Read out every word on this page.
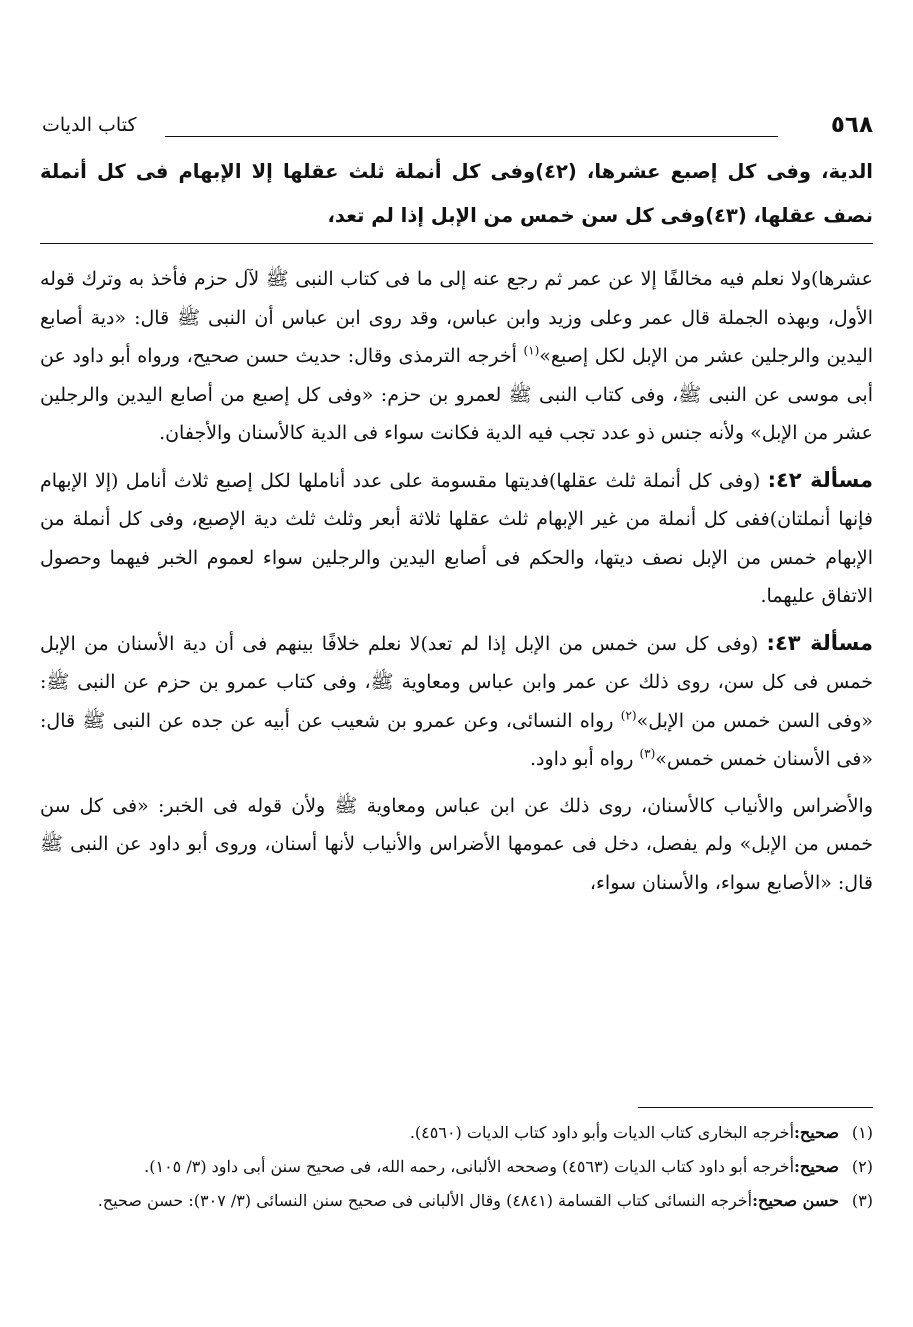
٥٦٨
كتاب الديات
الدية، وفى كل إصبع عشرها، (٤٢)وفى كل أنملة ثلث عقلها إلا الإبهام فى كل أنملة نصف عقلها، (٤٣)وفى كل سن خمس من الإبل إذا لم تعد،

عشرها)ولا نعلم فيه مخالفًا إلا عن عمر ثم رجع عنه إلى ما فى كتاب النبى ﷺ لآل حزم فأخذ به وترك قوله الأول، وبهذه الجملة قال عمر وعلى وزيد وابن عباس، وقد روى ابن عباس أن النبى ﷺ قال: «دية أصابع اليدين والرجلين عشر من الإبل لكل إصبع»$^{(١)}$ أخرجه الترمذى وقال: حديث حسن صحيح، ورواه أبو داود عن أبى موسى عن النبى ﷺ، وفى كتاب النبى ﷺ لعمرو بن حزم: «وفى كل إصبع من أصابع اليدين والرجلين عشر من الإبل» ولأنه جنس ذو عدد تجب فيه الدية فكانت سواء فى الدية كالأسنان والأجفان.

مسألة ٤٢: (وفى كل أنملة ثلث عقلها)فديتها مقسومة على عدد أناملها لكل إصبع ثلاث أنامل (إلا الإبهام فإنها أنملتان)ففى كل أنملة من غير الإبهام ثلث عقلها ثلاثة أبعر وثلث ثلث دية الإصبع، وفى كل أنملة من الإبهام خمس من الإبل نصف ديتها، والحكم فى أصابع اليدين والرجلين سواء لعموم الخبر فيهما وحصول الاتفاق عليهما.

مسألة ٤٣: (وفى كل سن خمس من الإبل إذا لم تعد)لا نعلم خلافًا بينهم فى أن دية الأسنان من الإبل خمس فى كل سن، روى ذلك عن عمر وابن عباس ومعاوية ﷺ، وفى كتاب عمرو بن حزم عن النبى ﷺ: «وفى السن خمس من الإبل»$^{(٢)}$ رواه النسائى، وعن عمرو بن شعيب عن أبيه عن جده عن النبى ﷺ قال: «فى الأسنان خمس خمس»$^{(٣)}$ رواه أبو داود.

والأضراس والأنياب كالأسنان، روى ذلك عن ابن عباس ومعاوية ﷺ ولأن قوله فى الخبر: «فى كل سن خمس من الإبل» ولم يفصل، دخل فى عمومها الأضراس والأنياب لأنها أسنان، وروى أبو داود عن النبى ﷺ قال: «الأصابع سواء، والأسنان سواء،

(١)
صحيح:أخرجه البخارى كتاب الديات وأبو داود كتاب الديات (٤٥٦٠).

(٢)
صحيح:أخرجه أبو داود كتاب الديات (٤٥٦٣) وصححه الألبانى، رحمه الله، فى صحيح سنن أبى داود (٣/ ١٠٥).

(٣)
حسن صحيح:أخرجه النسائى كتاب القسامة (٤٨٤١) وقال الألبانى فى صحيح سنن النسائى (٣/ ٣٠٧): حسن صحيح.
